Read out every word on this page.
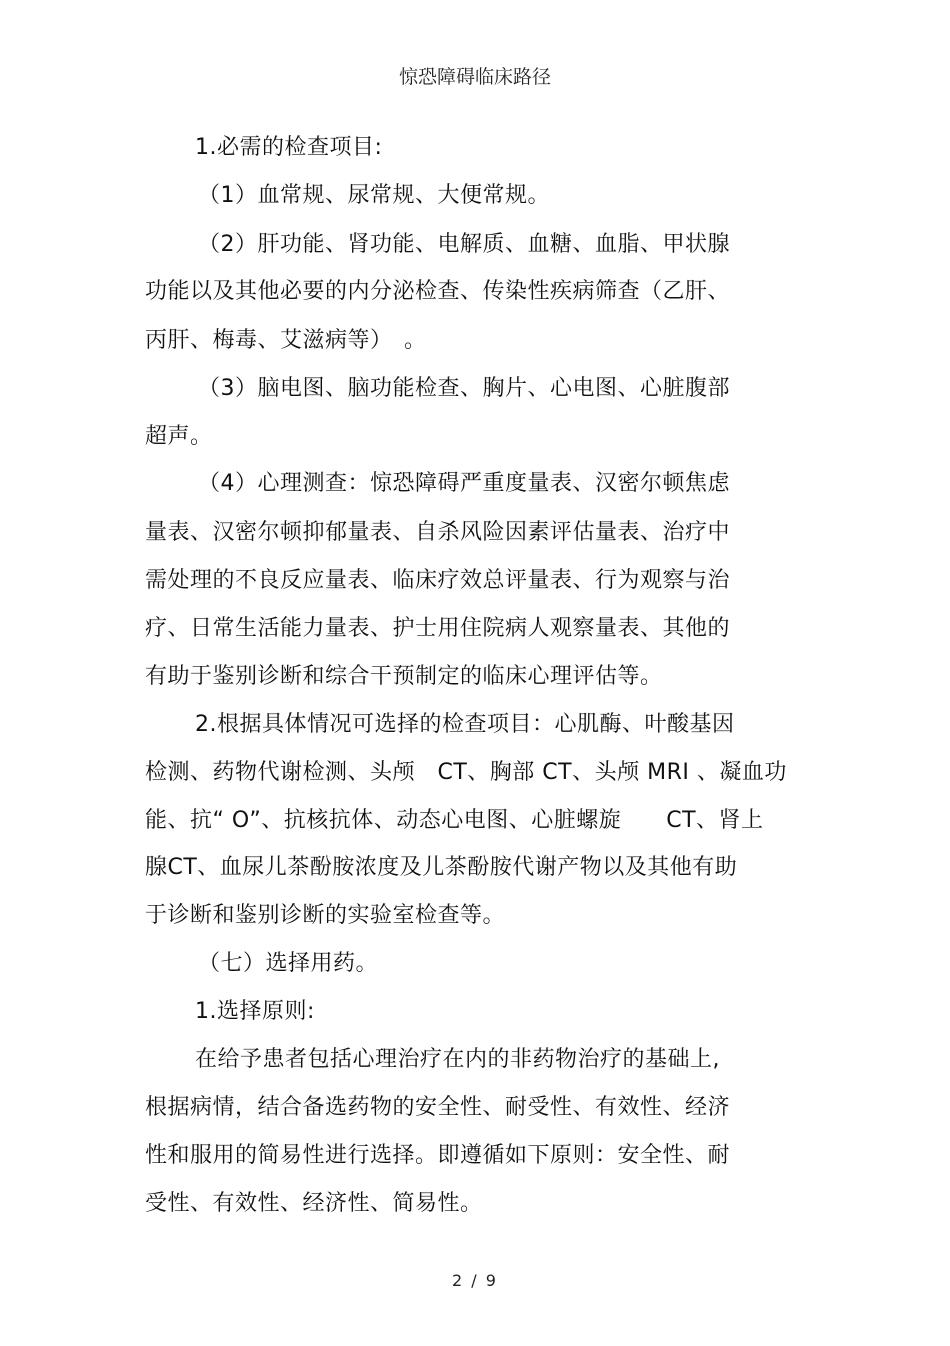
惊恐障碍临床路径
1.必需的检查项目:
（1）血常规、尿常规、大便常规。
（2）肝功能、肾功能、电解质、血糖、血脂、甲状腺
功能以及其他必要的内分泌检查、传染性疾病筛查（乙肝、
丙肝、梅毒、艾滋病等）　。
（3）脑电图、脑功能检查、胸片、心电图、心脏腹部
超声。
（4）心理测查：惊恐障碍严重度量表、汉密尔顿焦虑
量表、汉密尔顿抑郁量表、自杀风险因素评估量表、治疗中
需处理的不良反应量表、临床疗效总评量表、行为观察与治
疗、日常生活能力量表、护士用住院病人观察量表、其他的
有助于鉴别诊断和综合干预制定的临床心理评估等。
2.根据具体情况可选择的检查项目：心肌酶、叶酸基因
检测、药物代谢检测、头颅　CT、胸部 CT、头颅 MRI 、凝血功
能、抗“ O”、抗核抗体、动态心电图、心脏螺旋　　CT、肾上
腺CT、血尿儿茶酚胺浓度及儿茶酚胺代谢产物以及其他有助
于诊断和鉴别诊断的实验室检查等。
（七）选择用药。
1.选择原则:
在给予患者包括心理治疗在内的非药物治疗的基础上,
根据病情，结合备选药物的安全性、耐受性、有效性、经济
性和服用的简易性进行选择。即遵循如下原则：安全性、耐
受性、有效性、经济性、简易性。
2 / 9
